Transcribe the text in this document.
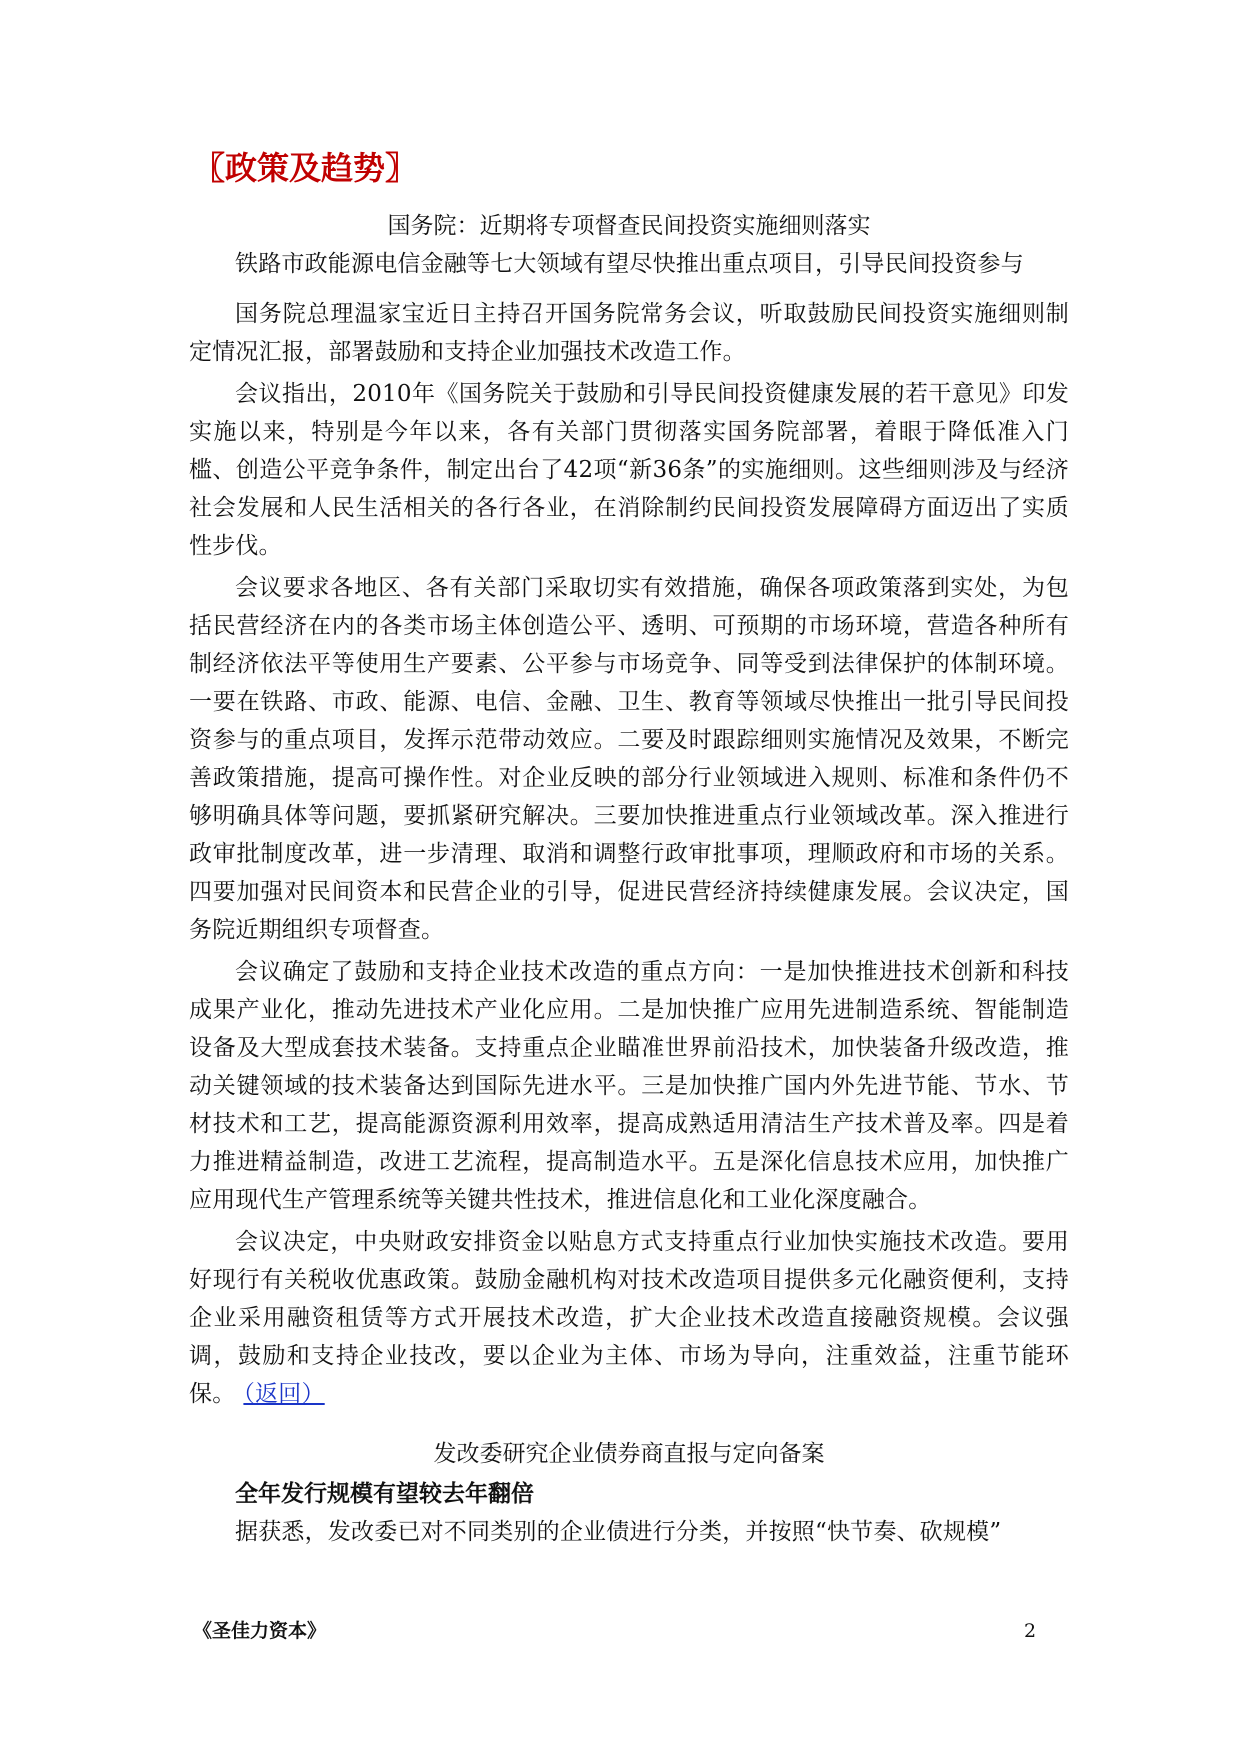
〖政策及趋势〗
国务院：近期将专项督查民间投资实施细则落实

铁路市政能源电信金融等七大领域有望尽快推出重点项目，引导民间投资参与

国务院总理温家宝近日主持召开国务院常务会议，听取鼓励民间投资实施细则制定情况汇报，部署鼓励和支持企业加强技术改造工作。

会议指出，2010年《国务院关于鼓励和引导民间投资健康发展的若干意见》印发实施以来，特别是今年以来，各有关部门贯彻落实国务院部署，着眼于降低准入门槛、创造公平竞争条件，制定出台了42项“新36条”的实施细则。这些细则涉及与经济社会发展和人民生活相关的各行各业，在消除制约民间投资发展障碍方面迈出了实质性步伐。

会议要求各地区、各有关部门采取切实有效措施，确保各项政策落到实处，为包括民营经济在内的各类市场主体创造公平、透明、可预期的市场环境，营造各种所有制经济依法平等使用生产要素、公平参与市场竞争、同等受到法律保护的体制环境。一要在铁路、市政、能源、电信、金融、卫生、教育等领域尽快推出一批引导民间投资参与的重点项目，发挥示范带动效应。二要及时跟踪细则实施情况及效果，不断完善政策措施，提高可操作性。对企业反映的部分行业领域进入规则、标准和条件仍不够明确具体等问题，要抓紧研究解决。三要加快推进重点行业领域改革。深入推进行政审批制度改革，进一步清理、取消和调整行政审批事项，理顺政府和市场的关系。四要加强对民间资本和民营企业的引导，促进民营经济持续健康发展。会议决定，国务院近期组织专项督查。

会议确定了鼓励和支持企业技术改造的重点方向：一是加快推进技术创新和科技成果产业化，推动先进技术产业化应用。二是加快推广应用先进制造系统、智能制造设备及大型成套技术装备。支持重点企业瞄准世界前沿技术，加快装备升级改造，推动关键领域的技术装备达到国际先进水平。三是加快推广国内外先进节能、节水、节材技术和工艺，提高能源资源利用效率，提高成熟适用清洁生产技术普及率。四是着力推进精益制造，改进工艺流程，提高制造水平。五是深化信息技术应用，加快推广应用现代生产管理系统等关键共性技术，推进信息化和工业化深度融合。

会议决定，中央财政安排资金以贴息方式支持重点行业加快实施技术改造。要用好现行有关税收优惠政策。鼓励金融机构对技术改造项目提供多元化融资便利，支持企业采用融资租赁等方式开展技术改造，扩大企业技术改造直接融资规模。会议强调，鼓励和支持企业技改，要以企业为主体、市场为导向，注重效益，注重节能环保。 （返回）

发改委研究企业债券商直报与定向备案

全年发行规模有望较去年翻倍

据获悉，发改委已对不同类别的企业债进行分类，并按照“快节奏、砍规模”

《圣佳力资本》	2
